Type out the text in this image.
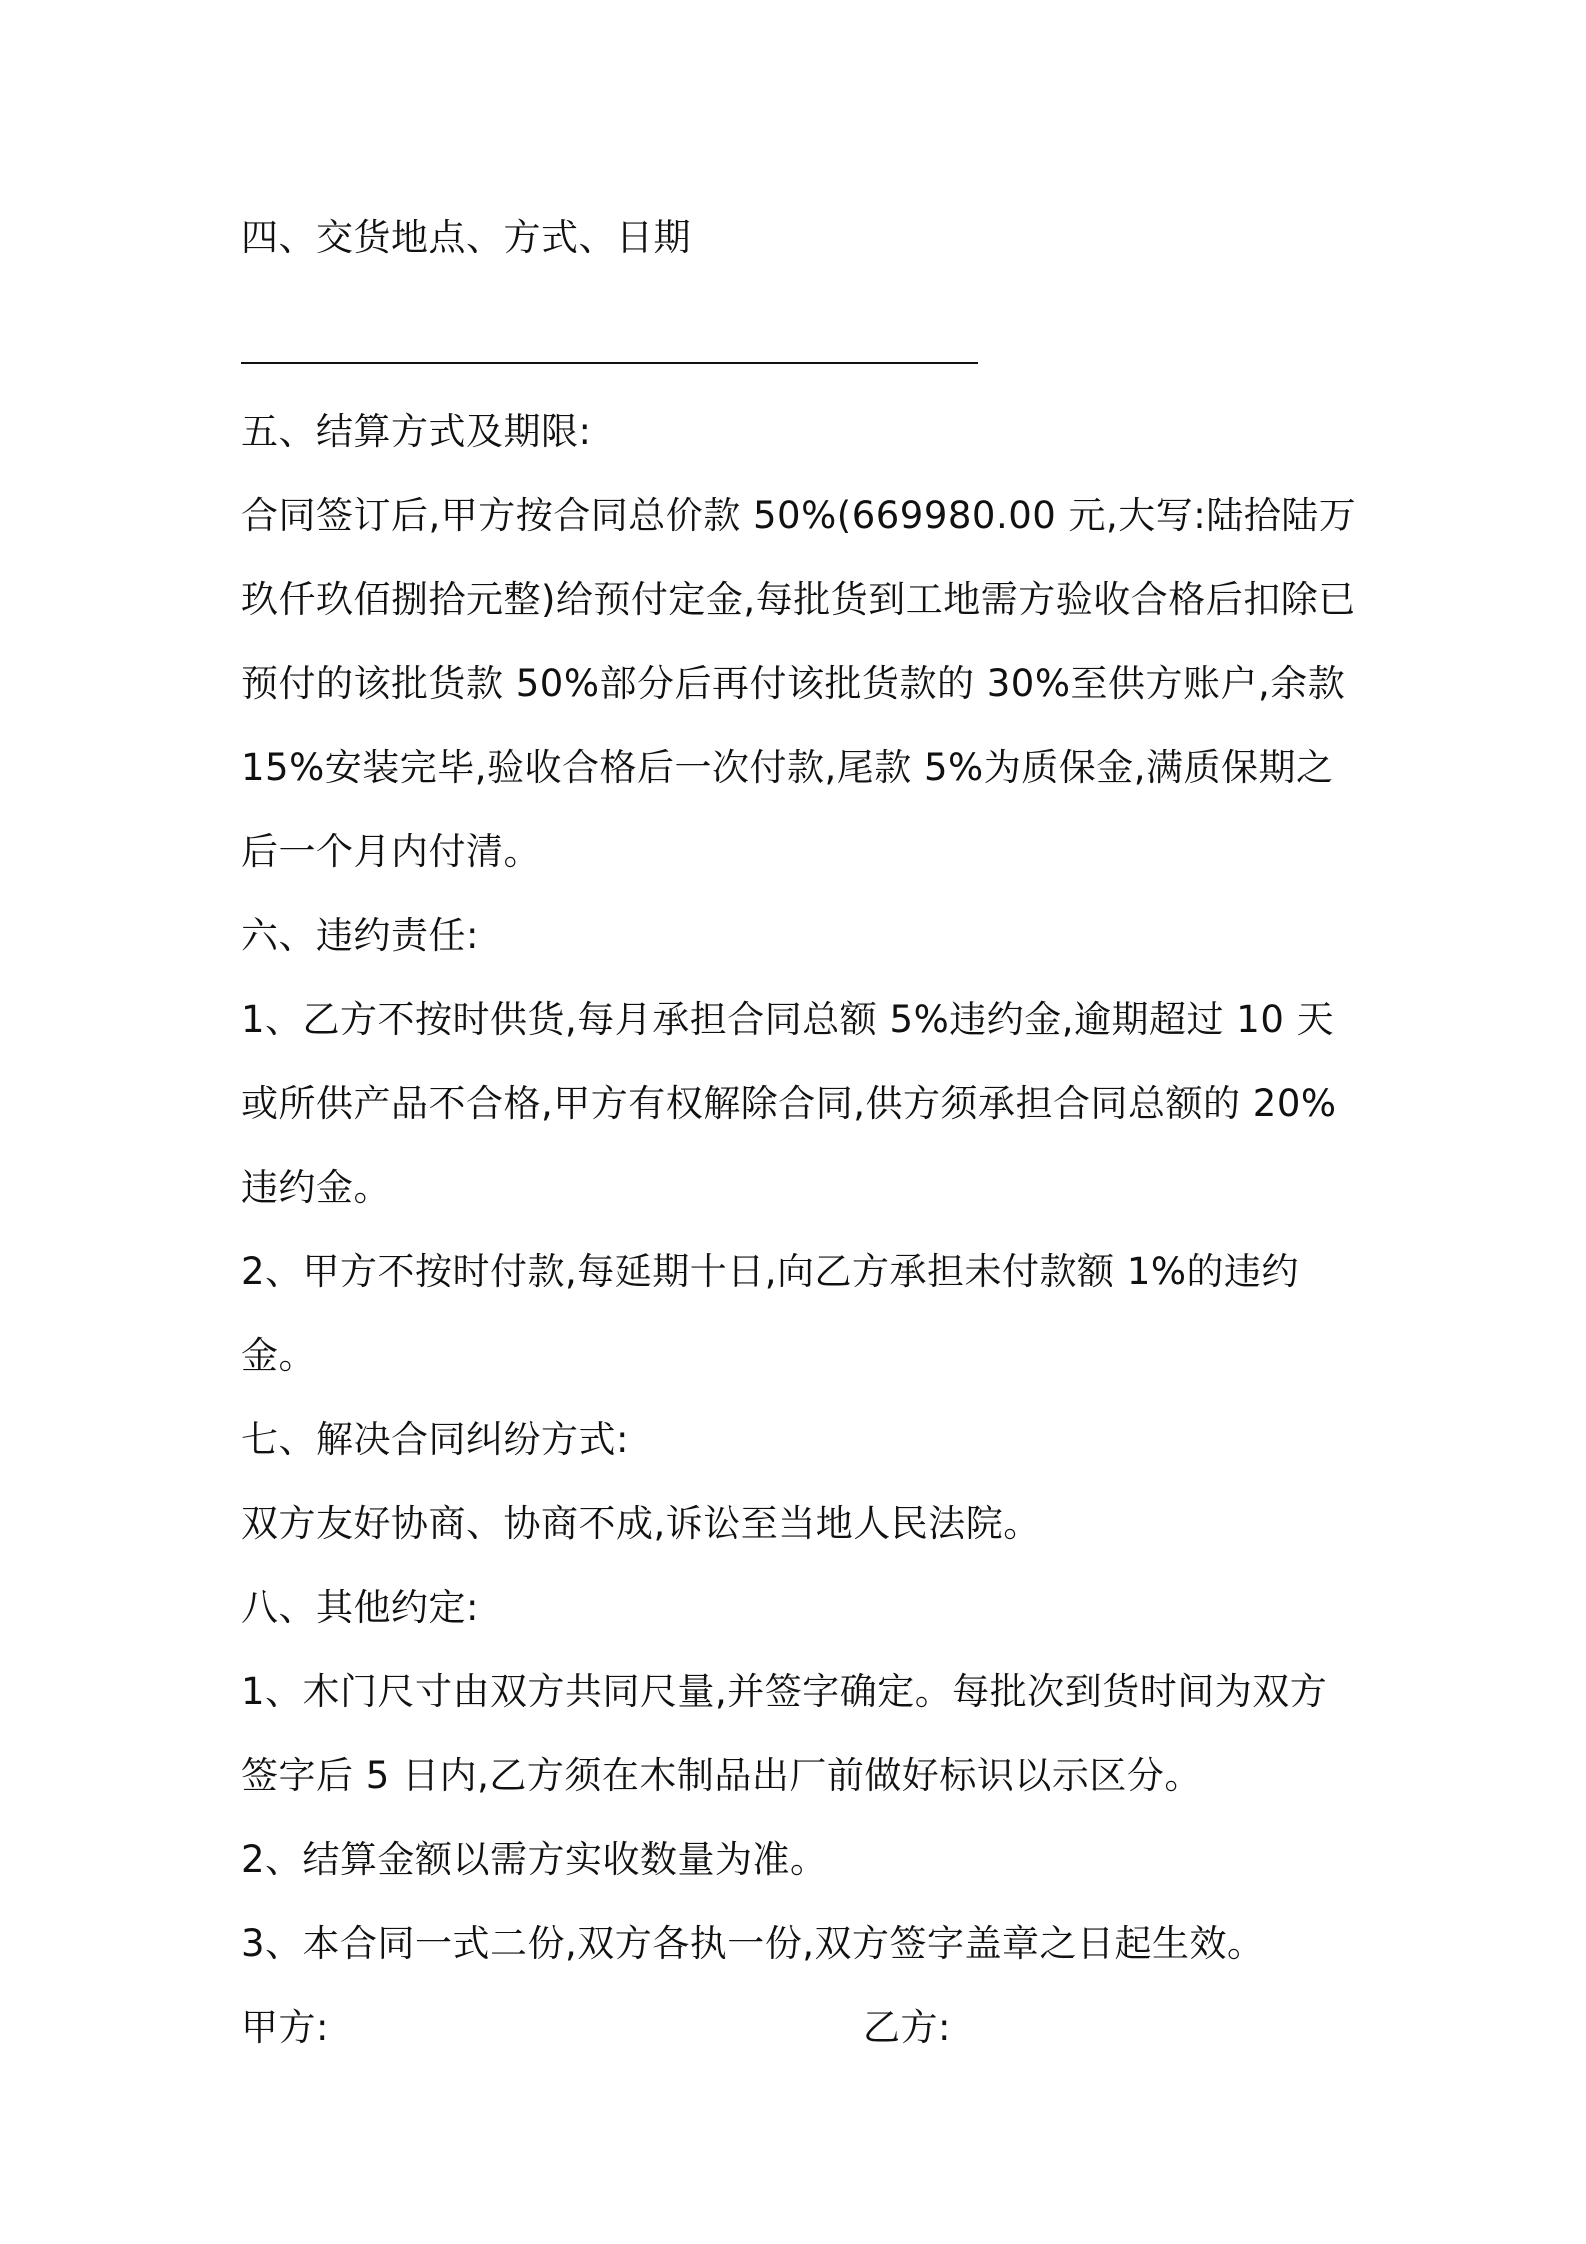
四、交货地点、方式、日期

五、结算方式及期限:

合同签订后,甲方按合同总价款 50%(669980.00 元,大写:陆拾陆万玖仟玖佰捌拾元整)给预付定金,每批货到工地需方验收合格后扣除已预付的该批货款 50%部分后再付该批货款的 30%至供方账户,余款 15%安装完毕,验收合格后一次付款,尾款 5%为质保金,满质保期之后一个月内付清。

六、违约责任:

1、乙方不按时供货,每月承担合同总额 5%违约金,逾期超过 10 天或所供产品不合格,甲方有权解除合同,供方须承担合同总额的 20%违约金。

2、甲方不按时付款,每延期十日,向乙方承担未付款额 1%的违约金。

七、解决合同纠纷方式:

双方友好协商、协商不成,诉讼至当地人民法院。

八、其他约定:

1、木门尺寸由双方共同尺量,并签字确定。每批次到货时间为双方签字后 5 日内,乙方须在木制品出厂前做好标识以示区分。

2、结算金额以需方实收数量为准。

3、本合同一式二份,双方各执一份,双方签字盖章之日起生效。

甲方:	乙方:
